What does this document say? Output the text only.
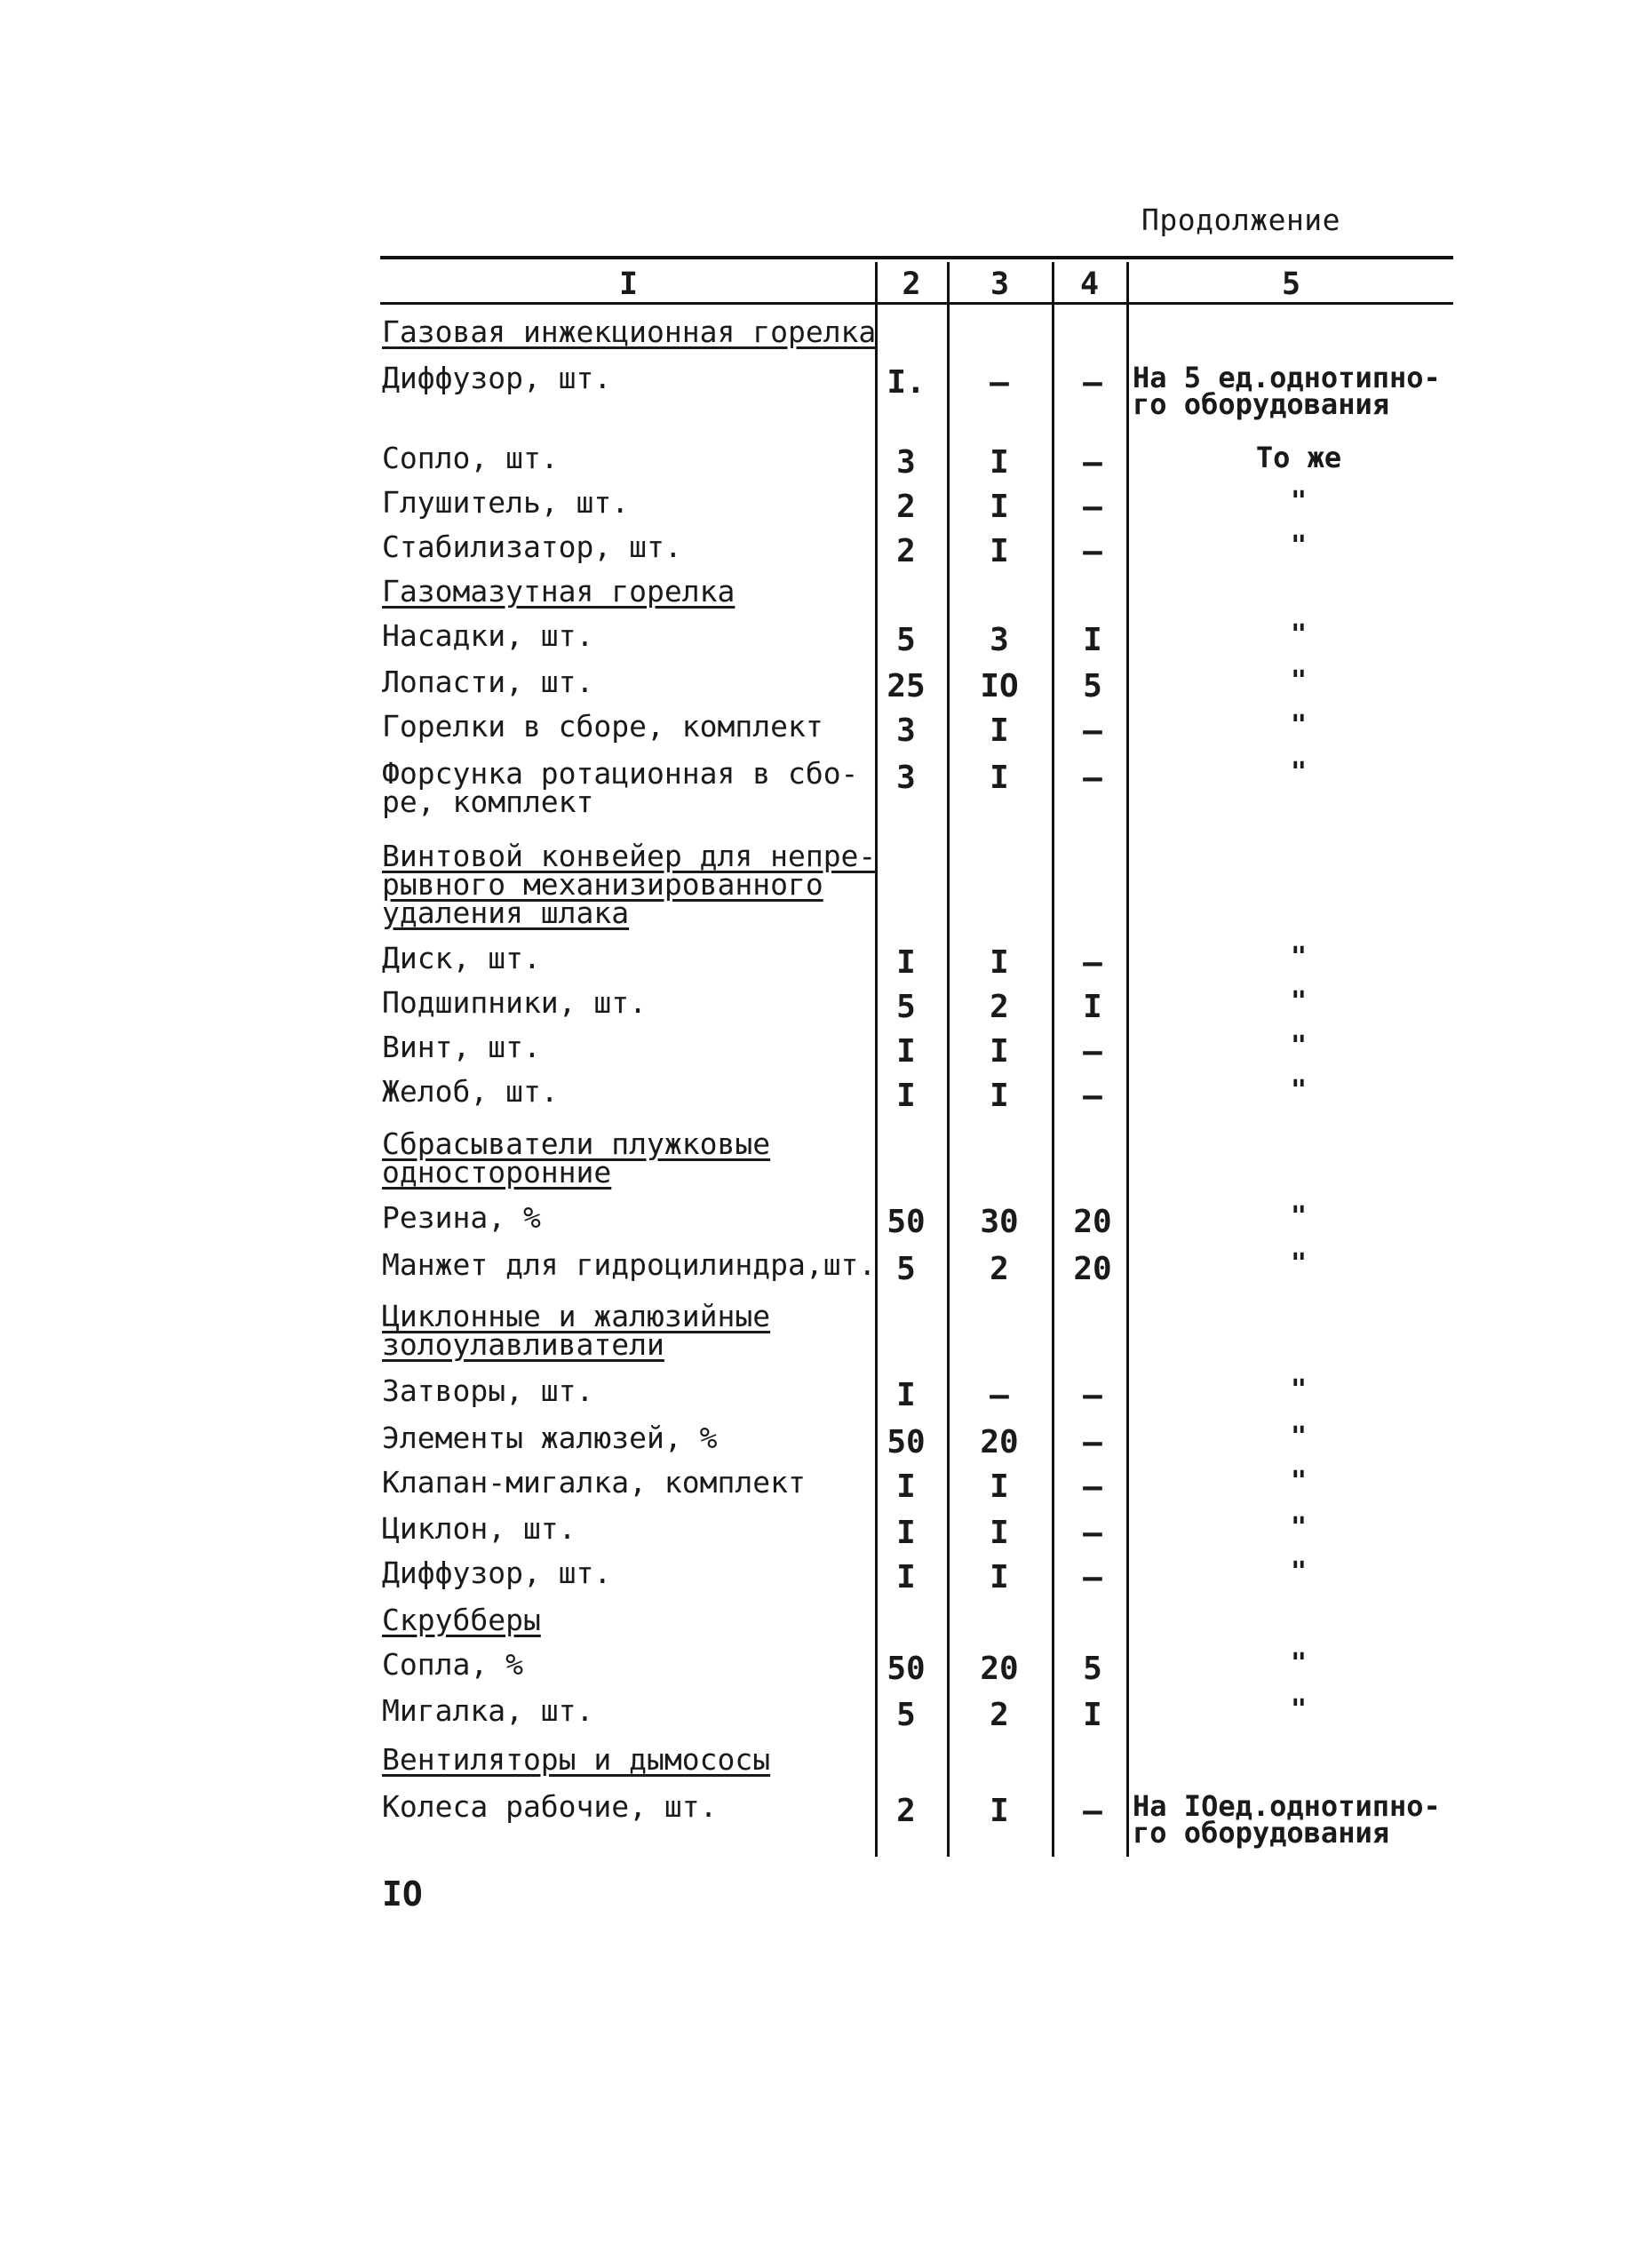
Продолжение
I	2	3	4	5
Газовая инжекционная горелка
Диффузор, шт.	I.	–	–	На 5 ед.однотипно-
го оборудования
Сопло, шт.	3	I	–	То же
Глушитель, шт.	2	I	–	"
Стабилизатор, шт.	2	I	–	"
Газомазутная горелка
Насадки, шт.	5	3	I	"
Лопасти, шт.	25	IO	5	"
Горелки в сборе, комплект	3	I	–	"
Форсунка ротационная в сбо-
ре, комплект
3	I	–	"
Винтовой конвейер для непре-
рывного механизированного
удаления шлака
Диск, шт.	I	I	–	"
Подшипники, шт.	5	2	I	"
Винт, шт.	I	I	–	"
Желоб, шт.	I	I	–	"
Сбрасыватели плужковые
односторонние
Резина, %	50	30	20	"
Манжет для гидроцилиндра,шт. 5	2	20	"
Циклонные и жалюзийные
золоулавливатели
Затворы, шт.	I	–	–	"
Элементы жалюзей, %	50	20	–	"
Клапан-мигалка, комплект	I	I	–	"
Циклон, шт.	I	I	–	"
Диффузор, шт.	I	I	–	"
Скрубберы
Сопла, %	50	20	5	"
Мигалка, шт.	5	2	I	"
Вентиляторы и дымососы
Колеса рабочие, шт.	2	I	–	На IOед.однотипно-
го оборудования
IO
